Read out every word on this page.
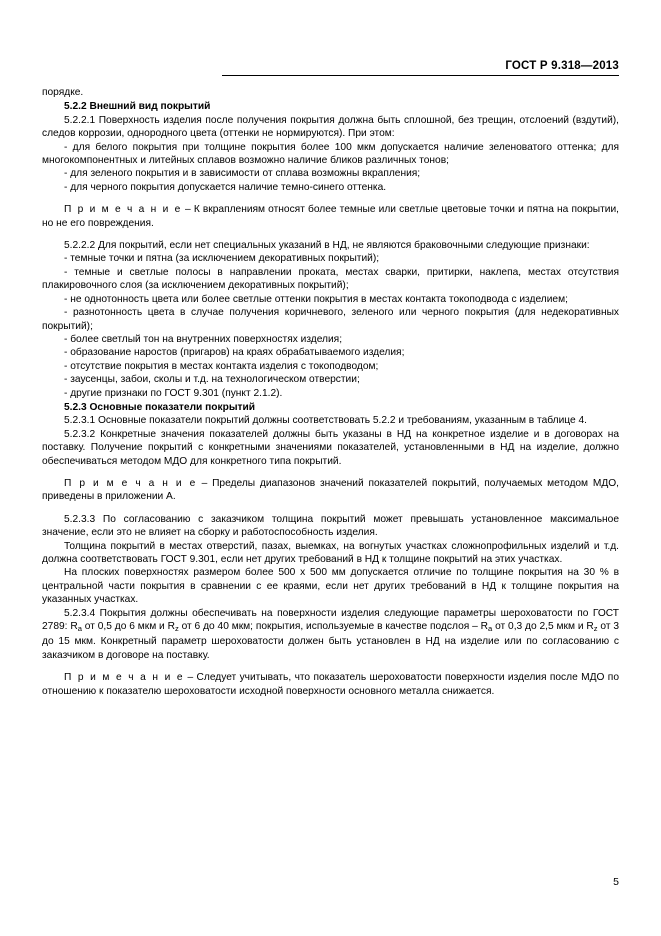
ГОСТ Р 9.318—2013

порядке.

5.2.2 Внешний вид покрытий

5.2.2.1 Поверхность изделия после получения покрытия должна быть сплошной, без трещин, отслоений (вздутий), следов коррозии, однородного цвета (оттенки не нормируются). При этом:

- для белого покрытия при толщине покрытия более 100 мкм допускается наличие зеленоватого оттенка; для многокомпонентных и литейных сплавов возможно наличие бликов различных тонов;

- для зеленого покрытия и в зависимости от сплава возможны вкрапления;

- для черного покрытия допускается наличие темно-синего оттенка.

П р и м е ч а н и е – К вкраплениям относят более темные или светлые цветовые точки и пятна на покрытии, но не его повреждения.

5.2.2.2 Для покрытий, если нет специальных указаний в НД, не являются браковочными следующие признаки:

- темные точки и пятна (за исключением декоративных покрытий);

- темные и светлые полосы в направлении проката, местах сварки, притирки, наклепа, местах отсутствия плакировочного слоя (за исключением декоративных покрытий);

- не однотонность цвета или более светлые оттенки покрытия в местах контакта токоподвода с изделием;

- разнотонность цвета в случае получения коричневого, зеленого или черного покрытия (для недекоративных покрытий);

- более светлый тон на внутренних поверхностях изделия;

- образование наростов (пригаров) на краях обрабатываемого изделия;

- отсутствие покрытия в местах контакта изделия с токоподводом;

- заусенцы, забои, сколы и т.д. на технологическом отверстии;

- другие признаки по ГОСТ 9.301 (пункт 2.1.2).

5.2.3 Основные показатели покрытий

5.2.3.1 Основные показатели покрытий должны соответствовать 5.2.2 и требованиям, указанным в таблице 4.

5.2.3.2 Конкретные значения показателей должны быть указаны в НД на конкретное изделие и в договорах на поставку. Получение покрытий с конкретными значениями показателей, установленными в НД на изделие, должно обеспечиваться методом МДО для конкретного типа покрытий.

П р и м е ч а н и е – Пределы диапазонов значений показателей покрытий, получаемых методом МДО, приведены в приложении А.

5.2.3.3 По согласованию с заказчиком толщина покрытий может превышать установленное максимальное значение, если это не влияет на сборку и работоспособность изделия.

Толщина покрытий в местах отверстий, пазах, выемках, на вогнутых участках сложнопрофильных изделий и т.д. должна соответствовать ГОСТ 9.301, если нет других требований в НД к толщине покрытий на этих участках.

На плоских поверхностях размером более 500 х 500 мм допускается отличие по толщине покрытия на 30 % в центральной части покрытия в сравнении с ее краями, если нет других требований в НД к толщине покрытия на указанных участках.

5.2.3.4 Покрытия должны обеспечивать на поверхности изделия следующие параметры шероховатости по ГОСТ 2789: $R_a$ от 0,5 до 6 мкм и $R_z$ от 6 до 40 мкм; покрытия, используемые в качестве подслоя – $R_a$ от 0,3 до 2,5 мкм и $R_z$ от 3 до 15 мкм. Конкретный параметр шероховатости должен быть установлен в НД на изделие или по согласованию с заказчиком в договоре на поставку.

П р и м е ч а н и е – Следует учитывать, что показатель шероховатости поверхности изделия после МДО по отношению к показателю шероховатости исходной поверхности основного металла снижается.

5
